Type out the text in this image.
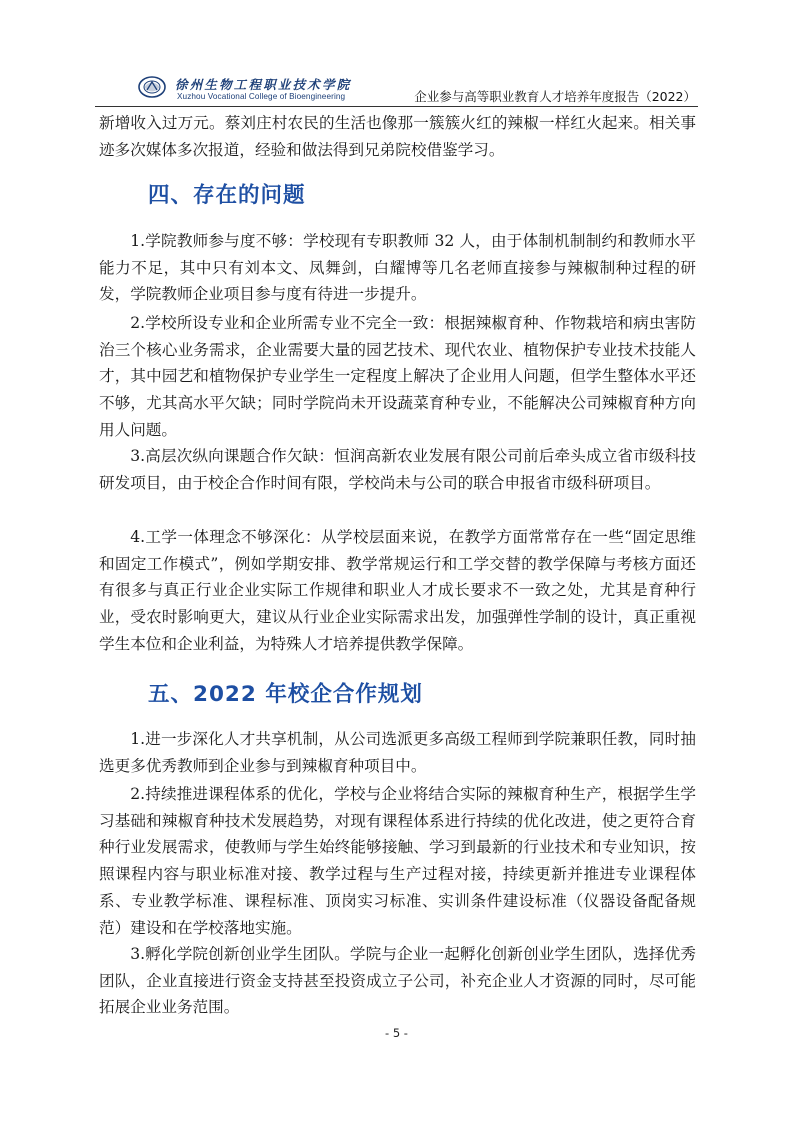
徐州生物工程职业技术学院
Xuzhou Vocational College of Bioengineering	企业参与高等职业教育人才培养年度报告（2022）

新增收入过万元。蔡刘庄村农民的生活也像那一簇簇火红的辣椒一样红火起来。相关事迹多次媒体多次报道，经验和做法得到兄弟院校借鉴学习。

四、存在的问题

1.学院教师参与度不够：学校现有专职教师 32 人，由于体制机制制约和教师水平能力不足，其中只有刘本文、凤舞剑，白耀博等几名老师直接参与辣椒制种过程的研发，学院教师企业项目参与度有待进一步提升。

2.学校所设专业和企业所需专业不完全一致：根据辣椒育种、作物栽培和病虫害防治三个核心业务需求，企业需要大量的园艺技术、现代农业、植物保护专业技术技能人才，其中园艺和植物保护专业学生一定程度上解决了企业用人问题，但学生整体水平还不够，尤其高水平欠缺；同时学院尚未开设蔬菜育种专业，不能解决公司辣椒育种方向用人问题。

3.高层次纵向课题合作欠缺：恒润高新农业发展有限公司前后牵头成立省市级科技研发项目，由于校企合作时间有限，学校尚未与公司的联合申报省市级科研项目。

4.工学一体理念不够深化：从学校层面来说，在教学方面常常存在一些“固定思维和固定工作模式”，例如学期安排、教学常规运行和工学交替的教学保障与考核方面还有很多与真正行业企业实际工作规律和职业人才成长要求不一致之处，尤其是育种行业，受农时影响更大，建议从行业企业实际需求出发，加强弹性学制的设计，真正重视学生本位和企业利益，为特殊人才培养提供教学保障。

五、2022 年校企合作规划

1.进一步深化人才共享机制，从公司选派更多高级工程师到学院兼职任教，同时抽选更多优秀教师到企业参与到辣椒育种项目中。

2.持续推进课程体系的优化，学校与企业将结合实际的辣椒育种生产，根据学生学习基础和辣椒育种技术发展趋势，对现有课程体系进行持续的优化改进，使之更符合育种行业发展需求，使教师与学生始终能够接触、学习到最新的行业技术和专业知识，按照课程内容与职业标准对接、教学过程与生产过程对接，持续更新并推进专业课程体系、专业教学标准、课程标准、顶岗实习标准、实训条件建设标准（仪器设备配备规范）建设和在学校落地实施。

3.孵化学院创新创业学生团队。学院与企业一起孵化创新创业学生团队，选择优秀团队，企业直接进行资金支持甚至投资成立子公司，补充企业人才资源的同时，尽可能拓展企业业务范围。

- 5 -
